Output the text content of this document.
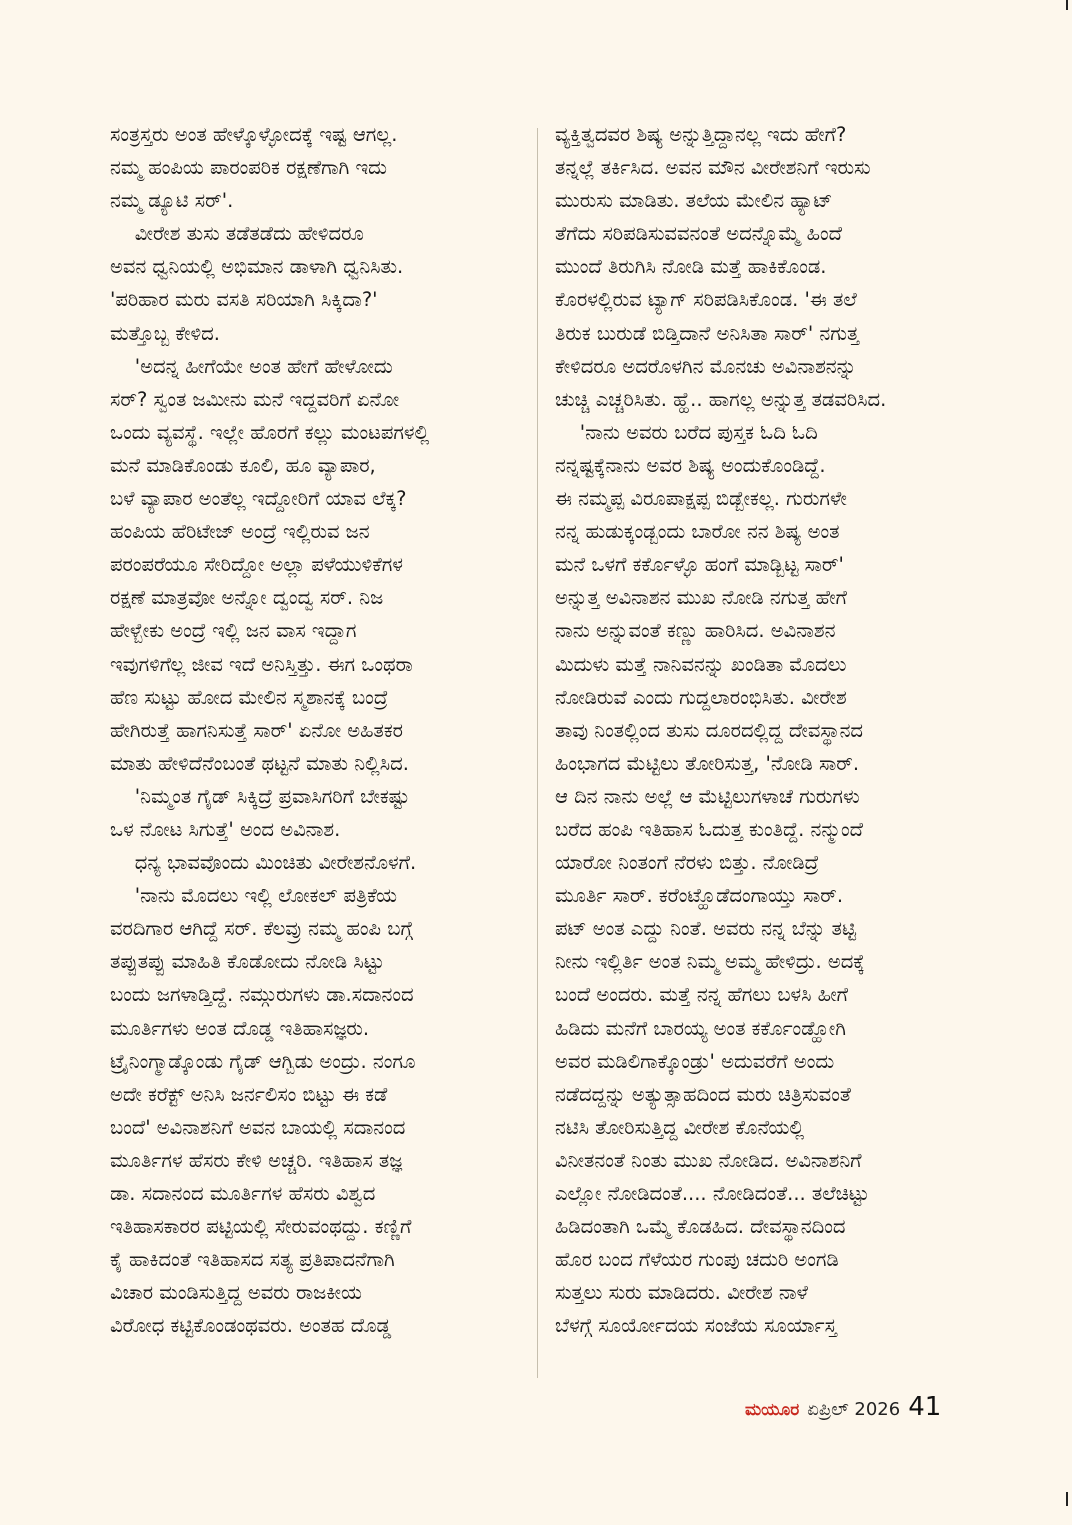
ಸಂತ್ರಸ್ತರು ಅಂತ ಹೇಳ್ಕೊಳ್ಳೋದಕ್ಕೆ ಇಷ್ಟ ಆಗಲ್ಲ.
ನಮ್ಮ ಹಂಪಿಯ ಪಾರಂಪರಿಕ ರಕ್ಷಣೆಗಾಗಿ ಇದು
ನಮ್ಮ ಡ್ಯೂಟಿ ಸರ್'.
ವೀರೇಶ ತುಸು ತಡೆತಡೆದು ಹೇಳಿದರೂ
ಅವನ ಧ್ವನಿಯಲ್ಲಿ ಅಭಿಮಾನ ಡಾಳಾಗಿ ಧ್ವನಿಸಿತು.
'ಪರಿಹಾರ ಮರು ವಸತಿ ಸರಿಯಾಗಿ ಸಿಕ್ಕಿದಾ?'
ಮತ್ತೊಬ್ಬ ಕೇಳಿದ.
'ಅದನ್ನ ಹೀಗೆಯೇ ಅಂತ ಹೇಗೆ ಹೇಳೋದು
ಸರ್? ಸ್ವಂತ ಜಮೀನು ಮನೆ ಇದ್ದವರಿಗೆ ಏನೋ
ಒಂದು ವ್ಯವಸ್ಥೆ. ಇಲ್ಲೇ ಹೊರಗೆ ಕಲ್ಲು ಮಂಟಪಗಳಲ್ಲಿ
ಮನೆ ಮಾಡಿಕೊಂಡು ಕೂಲಿ, ಹೂ ವ್ಯಾಪಾರ,
ಬಳೆ ವ್ಯಾಪಾರ ಅಂತೆಲ್ಲ ಇದ್ದೋರಿಗೆ ಯಾವ ಲೆಕ್ಕ?
ಹಂಪಿಯ ಹೆರಿಟೇಜ್ ಅಂದ್ರೆ ಇಲ್ಲಿರುವ ಜನ
ಪರಂಪರೆಯೂ ಸೇರಿದ್ದೋ ಅಲ್ಲಾ ಪಳೆಯುಳಿಕೆಗಳ
ರಕ್ಷಣೆ ಮಾತ್ರವೋ ಅನ್ನೋ ದ್ವಂದ್ವ ಸರ್. ನಿಜ
ಹೇಳ್ಬೇಕು ಅಂದ್ರೆ ಇಲ್ಲಿ ಜನ ವಾಸ ಇದ್ದಾಗ
ಇವುಗಳಿಗೆಲ್ಲ ಜೀವ ಇದೆ ಅನಿಸ್ತಿತ್ತು. ಈಗ ಒಂಥರಾ
ಹೆಣ ಸುಟ್ಟು ಹೋದ ಮೇಲಿನ ಸ್ಮಶಾನಕ್ಕೆ ಬಂದ್ರೆ
ಹೇಗಿರುತ್ತೆ ಹಾಗನಿಸುತ್ತೆ ಸಾರ್' ಏನೋ ಅಹಿತಕರ
ಮಾತು ಹೇಳಿದೆನೆಂಬಂತೆ ಥಟ್ಟನೆ ಮಾತು ನಿಲ್ಲಿಸಿದ.
'ನಿಮ್ಮಂತ ಗೈಡ್ ಸಿಕ್ಕಿದ್ರೆ ಪ್ರವಾಸಿಗರಿಗೆ ಬೇಕಷ್ಟು
ಒಳ ನೋಟ ಸಿಗುತ್ತೆ' ಅಂದ ಅವಿನಾಶ.
ಧನ್ಯ ಭಾವವೊಂದು ಮಿಂಚಿತು ವೀರೇಶನೊಳಗೆ.
'ನಾನು ಮೊದಲು ಇಲ್ಲಿ ಲೋಕಲ್ ಪತ್ರಿಕೆಯ
ವರದಿಗಾರ ಆಗಿದ್ದೆ ಸರ್. ಕೆಲವ್ರು ನಮ್ಮ ಹಂಪಿ ಬಗ್ಗೆ
ತಪ್ಪುತಪ್ಪು ಮಾಹಿತಿ ಕೊಡೋದು ನೋಡಿ ಸಿಟ್ಟು
ಬಂದು ಜಗಳಾಡ್ತಿದ್ದೆ. ನಮ್ಗುರುಗಳು ಡಾ.ಸದಾನಂದ
ಮೂರ್ತಿಗಳು ಅಂತ ದೊಡ್ಡ ಇತಿಹಾಸಜ್ಞರು.
ಟ್ರೈನಿಂಗ್ಮಾಡ್ಕೊಂಡು ಗೈಡ್ ಆಗ್ಬಿಡು ಅಂದ್ರು. ನಂಗೂ
ಅದೇ ಕರೆಕ್ಟ್ ಅನಿಸಿ ಜರ್ನಲಿಸಂ ಬಿಟ್ಟು ಈ ಕಡೆ
ಬಂದೆ' ಅವಿನಾಶನಿಗೆ ಅವನ ಬಾಯಲ್ಲಿ ಸದಾನಂದ
ಮೂರ್ತಿಗಳ ಹೆಸರು ಕೇಳಿ ಅಚ್ಚರಿ. ಇತಿಹಾಸ ತಜ್ಞ
ಡಾ. ಸದಾನಂದ ಮೂರ್ತಿಗಳ ಹೆಸರು ವಿಶ್ವದ
ಇತಿಹಾಸಕಾರರ ಪಟ್ಟಿಯಲ್ಲಿ ಸೇರುವಂಥದ್ದು. ಕಣ್ಣಿಗೆ
ಕೈ ಹಾಕಿದಂತೆ ಇತಿಹಾಸದ ಸತ್ಯ ಪ್ರತಿಪಾದನೆಗಾಗಿ
ವಿಚಾರ ಮಂಡಿಸುತ್ತಿದ್ದ ಅವರು ರಾಜಕೀಯ
ವಿರೋಧ ಕಟ್ಟಿಕೊಂಡಂಥವರು. ಅಂತಹ ದೊಡ್ಡ
ವ್ಯಕ್ತಿತ್ವದವರ ಶಿಷ್ಯ ಅನ್ನುತ್ತಿದ್ದಾನಲ್ಲ ಇದು ಹೇಗೆ?
ತನ್ನಲ್ಲೆ ತರ್ಕಿಸಿದ. ಅವನ ಮೌನ ವೀರೇಶನಿಗೆ ಇರುಸು
ಮುರುಸು ಮಾಡಿತು. ತಲೆಯ ಮೇಲಿನ ಹ್ಯಾಟ್
ತೆಗೆದು ಸರಿಪಡಿಸುವವನಂತೆ ಅದನ್ನೊಮ್ಮೆ ಹಿಂದೆ
ಮುಂದೆ ತಿರುಗಿಸಿ ನೋಡಿ ಮತ್ತೆ ಹಾಕಿಕೊಂಡ.
ಕೊರಳಲ್ಲಿರುವ ಟ್ಯಾಗ್ ಸರಿಪಡಿಸಿಕೊಂಡ. 'ಈ ತಲೆ
ತಿರುಕ ಬುರುಡೆ ಬಿಡ್ತಿದಾನೆ ಅನಿಸಿತಾ ಸಾರ್' ನಗುತ್ತ
ಕೇಳಿದರೂ ಅದರೊಳಗಿನ ಮೊನಚು ಅವಿನಾಶನನ್ನು
ಚುಚ್ಚಿ ಎಚ್ಚರಿಸಿತು. ಹ್ಹೆ.. ಹಾಗಲ್ಲ ಅನ್ನುತ್ತ ತಡವರಿಸಿದ.
'ನಾನು ಅವರು ಬರೆದ ಪುಸ್ತಕ ಓದಿ ಓದಿ
ನನ್ನಷ್ಟಕ್ಕೆನಾನು ಅವರ ಶಿಷ್ಯ ಅಂದುಕೊಂಡಿದ್ದೆ.
ಈ ನಮ್ಮಪ್ಪ ವಿರೂಪಾಕ್ಷಪ್ಪ ಬಿಡ್ಬೇಕಲ್ಲ. ಗುರುಗಳೇ
ನನ್ನ ಹುಡುಕ್ಕಂಡ್ಬಂದು ಬಾರೋ ನನ ಶಿಷ್ಯ ಅಂತ
ಮನೆ ಒಳಗೆ ಕರ್ಕೊಳ್ಳೊ ಹಂಗೆ ಮಾಡ್ಬಿಟ್ಟ ಸಾರ್'
ಅನ್ನುತ್ತ ಅವಿನಾಶನ ಮುಖ ನೋಡಿ ನಗುತ್ತ ಹೇಗೆ
ನಾನು ಅನ್ನುವಂತೆ ಕಣ್ಣು ಹಾರಿಸಿದ. ಅವಿನಾಶನ
ಮಿದುಳು ಮತ್ತೆ ನಾನಿವನನ್ನು ಖಂಡಿತಾ ಮೊದಲು
ನೋಡಿರುವೆ ಎಂದು ಗುದ್ದಲಾರಂಭಿಸಿತು. ವೀರೇಶ
ತಾವು ನಿಂತಲ್ಲಿಂದ ತುಸು ದೂರದಲ್ಲಿದ್ದ ದೇವಸ್ಥಾನದ
ಹಿಂಭಾಗದ ಮೆಟ್ಟಿಲು ತೋರಿಸುತ್ತ, 'ನೋಡಿ ಸಾರ್.
ಆ ದಿನ ನಾನು ಅಲ್ಲೆ ಆ ಮೆಟ್ಟಿಲುಗಳಾಚೆ ಗುರುಗಳು
ಬರೆದ ಹಂಪಿ ಇತಿಹಾಸ ಓದುತ್ತ ಕುಂತಿದ್ದೆ. ನನ್ಮುಂದೆ
ಯಾರೋ ನಿಂತಂಗೆ ನೆರಳು ಬಿತ್ತು. ನೋಡಿದ್ರೆ
ಮೂರ್ತಿ ಸಾರ್. ಕರೆಂಟ್ಹೊಡೆದಂಗಾಯ್ತು ಸಾರ್.
ಪಟ್ ಅಂತ ಎದ್ದು ನಿಂತೆ. ಅವರು ನನ್ನ ಬೆನ್ನು ತಟ್ಟಿ
ನೀನು ಇಲ್ಲಿರ್ತಿ ಅಂತ ನಿಮ್ಮ ಅಮ್ಮ ಹೇಳಿದ್ರು. ಅದಕ್ಕೆ
ಬಂದೆ ಅಂದರು. ಮತ್ತೆ ನನ್ನ ಹೆಗಲು ಬಳಸಿ ಹೀಗೆ
ಹಿಡಿದು ಮನೆಗೆ ಬಾರಯ್ಯ ಅಂತ ಕರ್ಕೊಂಡ್ಹೋಗಿ
ಅವರ ಮಡಿಲಿಗಾಕ್ಕೊಂಡ್ರು' ಅದುವರೆಗೆ ಅಂದು
ನಡೆದದ್ದನ್ನು ಅತ್ಯುತ್ಸಾಹದಿಂದ ಮರು ಚಿತ್ರಿಸುವಂತೆ
ನಟಿಸಿ ತೋರಿಸುತ್ತಿದ್ದ ವೀರೇಶ ಕೊನೆಯಲ್ಲಿ
ವಿನೀತನಂತೆ ನಿಂತು ಮುಖ ನೋಡಿದ. ಅವಿನಾಶನಿಗೆ
ಎಲ್ಲೋ ನೋಡಿದಂತೆ.... ನೋಡಿದಂತೆ... ತಲೆಚಿಟ್ಟು
ಹಿಡಿದಂತಾಗಿ ಒಮ್ಮೆ ಕೊಡಹಿದ. ದೇವಸ್ಥಾನದಿಂದ
ಹೊರ ಬಂದ ಗೆಳೆಯರ ಗುಂಪು ಚದುರಿ ಅಂಗಡಿ
ಸುತ್ತಲು ಸುರು ಮಾಡಿದರು. ವೀರೇಶ ನಾಳೆ
ಬೆಳಗ್ಗೆ ಸೂರ್ಯೋದಯ ಸಂಜೆಯ ಸೂರ್ಯಾಸ್ತ
ಮಯೂರ ಏಪ್ರಿಲ್ 2026 41
